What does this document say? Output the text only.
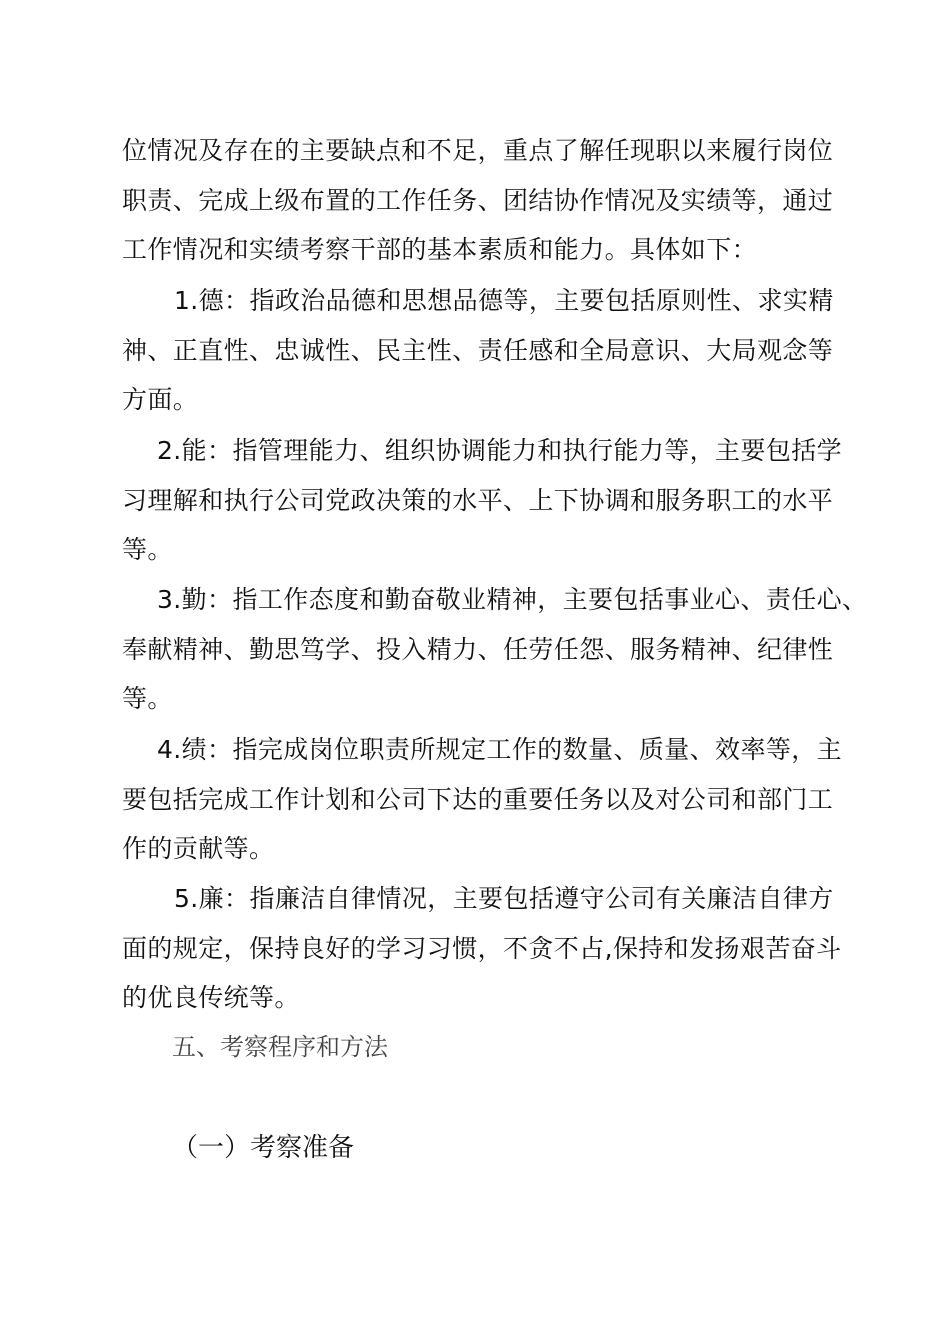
位情况及存在的主要缺点和不足，重点了解任现职以来履行岗位
职责、完成上级布置的工作任务、团结协作情况及实绩等，通过
工作情况和实绩考察干部的基本素质和能力。具体如下：
1.德：指政治品德和思想品德等，主要包括原则性、求实精
神、正直性、忠诚性、民主性、责任感和全局意识、大局观念等
方面。
2.能：指管理能力、组织协调能力和执行能力等，主要包括学
习理解和执行公司党政决策的水平、上下协调和服务职工的水平
等。
3.勤：指工作态度和勤奋敬业精神，主要包括事业心、责任心、
奉献精神、勤思笃学、投入精力、任劳任怨、服务精神、纪律性
等。
4.绩：指完成岗位职责所规定工作的数量、质量、效率等，主
要包括完成工作计划和公司下达的重要任务以及对公司和部门工
作的贡献等。
5.廉：指廉洁自律情况，主要包括遵守公司有关廉洁自律方
面的规定，保持良好的学习习惯，不贪不占,保持和发扬艰苦奋斗
的优良传统等。
五、考察程序和方法
（一）考察准备
